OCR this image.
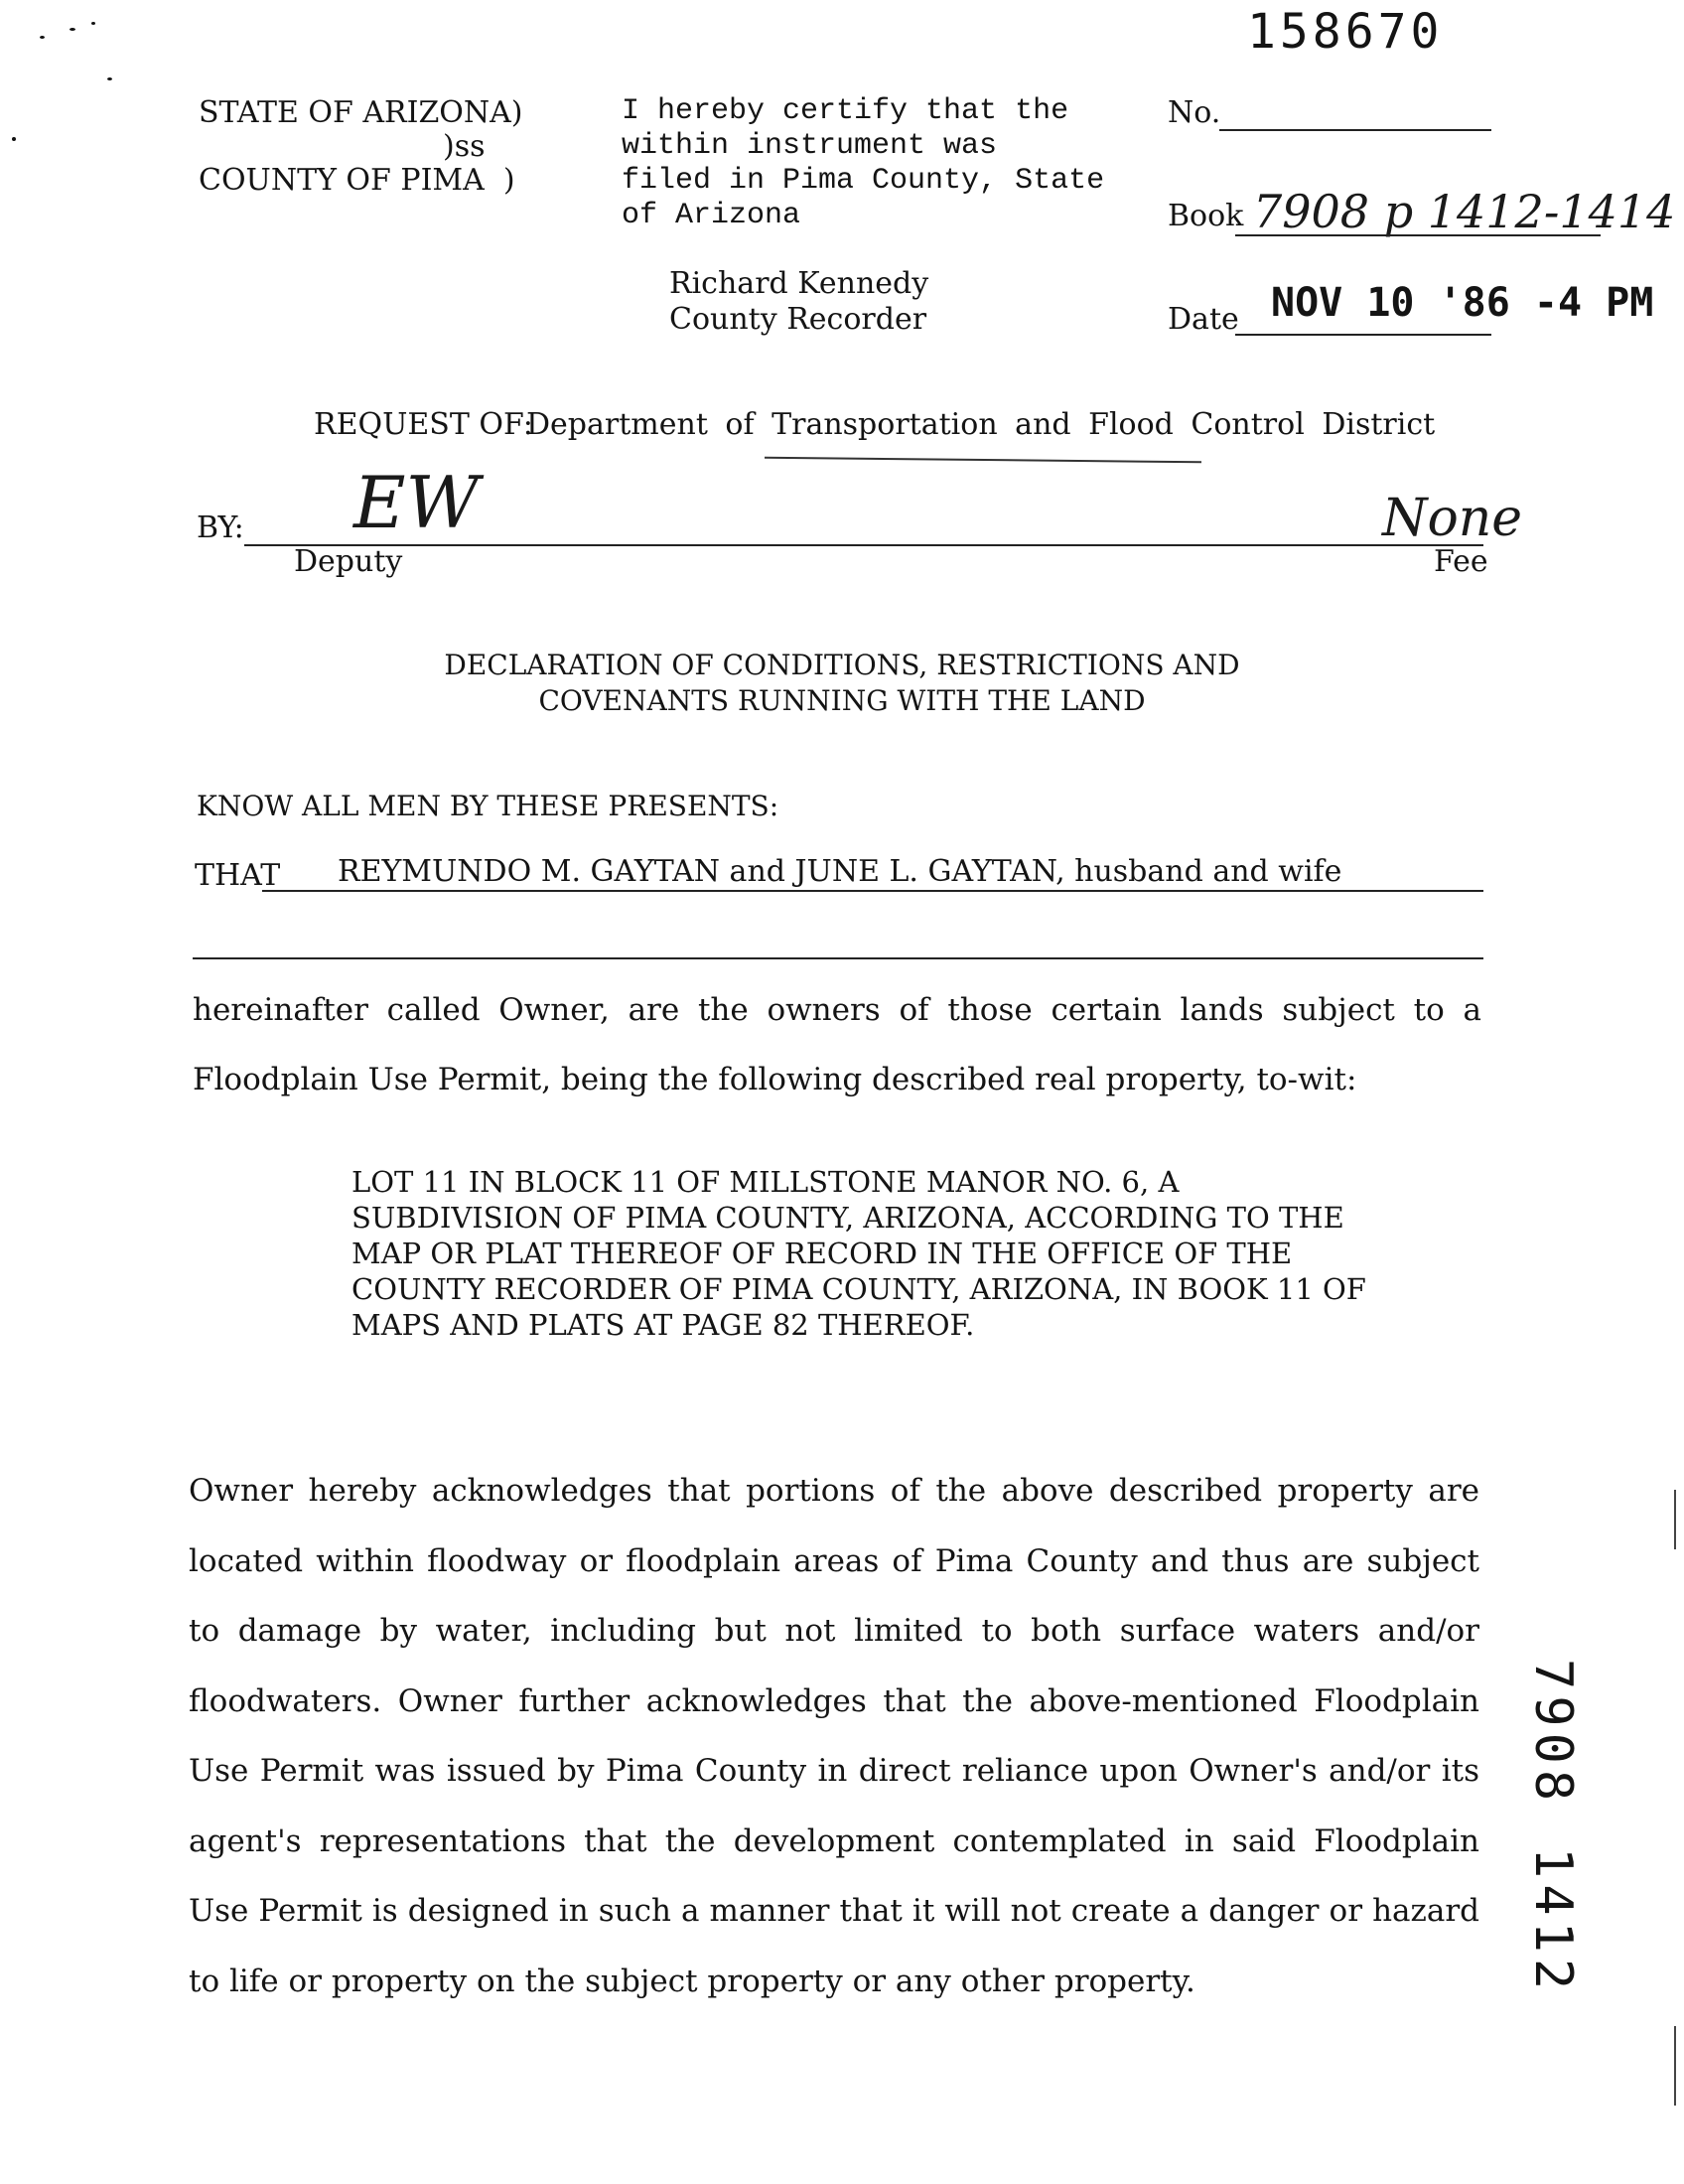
158670
STATE OF ARIZONA)
)ss
COUNTY OF PIMA  )
I hereby certify that the
within instrument was
filed in Pima County, State
of Arizona
Richard Kennedy
County Recorder
No.
Book 7908 p 1412-1414
Date NOV 10 '86 -4 PM
REQUEST OF:
Department of Transportation and Flood Control District
BY: EW	None
Deputy	Fee
DECLARATION OF CONDITIONS, RESTRICTIONS AND
COVENANTS RUNNING WITH THE LAND
KNOW ALL MEN BY THESE PRESENTS:
THAT REYMUNDO M. GAYTAN and JUNE L. GAYTAN, husband and wife
hereinafter called Owner, are the owners of those certain lands subject to a Floodplain Use Permit, being the following described real property, to-wit:
LOT 11 IN BLOCK 11 OF MILLSTONE MANOR NO. 6, A SUBDIVISION OF PIMA COUNTY, ARIZONA, ACCORDING TO THE MAP OR PLAT THEREOF OF RECORD IN THE OFFICE OF THE COUNTY RECORDER OF PIMA COUNTY, ARIZONA, IN BOOK 11 OF MAPS AND PLATS AT PAGE 82 THEREOF.
Owner hereby acknowledges that portions of the above described property are located within floodway or floodplain areas of Pima County and thus are subject to damage by water, including but not limited to both surface waters and/or floodwaters. Owner further acknowledges that the above-mentioned Floodplain Use Permit was issued by Pima County in direct reliance upon Owner's and/or its agent's representations that the development contemplated in said Floodplain Use Permit is designed in such a manner that it will not create a danger or hazard to life or property on the subject property or any other property.
7908
1412
